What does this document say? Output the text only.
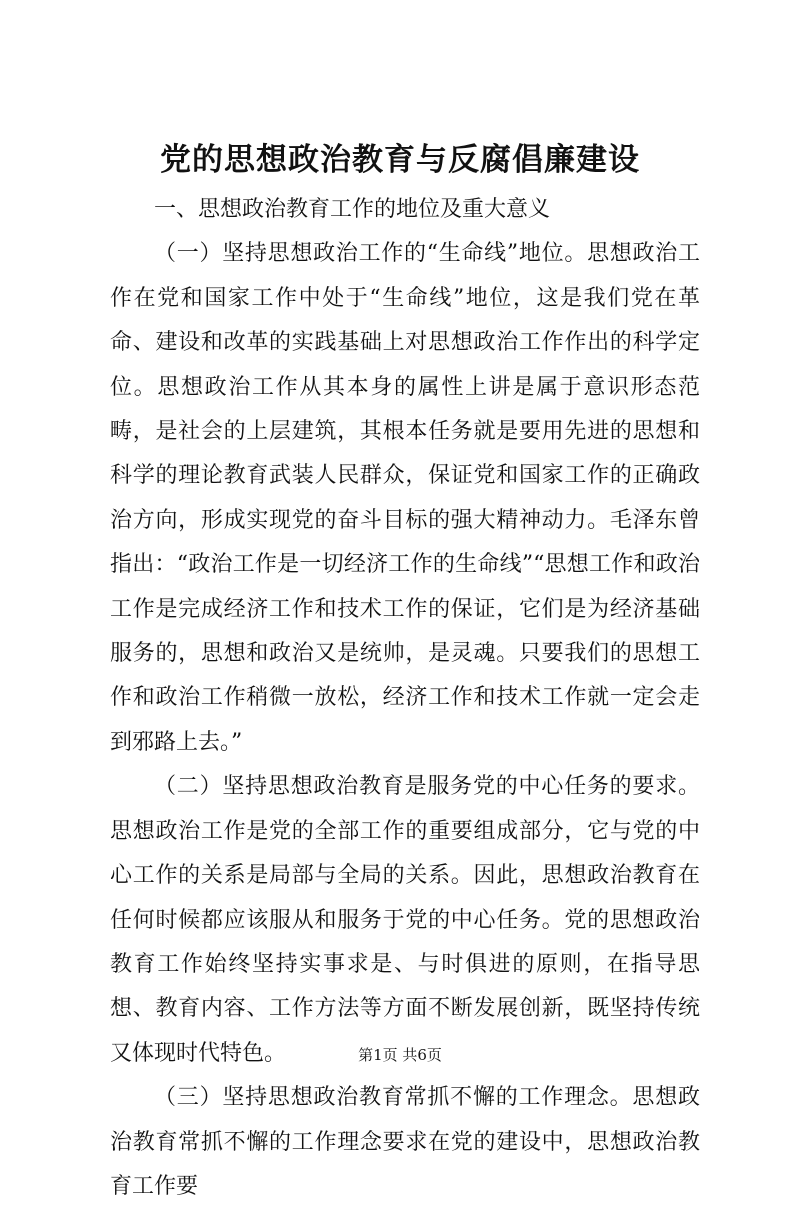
党的思想政治教育与反腐倡廉建设

一、思想政治教育工作的地位及重大意义

（一）坚持思想政治工作的“生命线”地位。思想政治工作在党和国家工作中处于“生命线”地位，这是我们党在革命、建设和改革的实践基础上对思想政治工作作出的科学定位。思想政治工作从其本身的属性上讲是属于意识形态范畴，是社会的上层建筑，其根本任务就是要用先进的思想和科学的理论教育武装人民群众，保证党和国家工作的正确政治方向，形成实现党的奋斗目标的强大精神动力。毛泽东曾指出：“政治工作是一切经济工作的生命线”“思想工作和政治工作是完成经济工作和技术工作的保证，它们是为经济基础服务的，思想和政治又是统帅，是灵魂。只要我们的思想工作和政治工作稍微一放松，经济工作和技术工作就一定会走到邪路上去。”

（二）坚持思想政治教育是服务党的中心任务的要求。思想政治工作是党的全部工作的重要组成部分，它与党的中心工作的关系是局部与全局的关系。因此，思想政治教育在任何时候都应该服从和服务于党的中心任务。党的思想政治教育工作始终坚持实事求是、与时俱进的原则，在指导思想、教育内容、工作方法等方面不断发展创新，既坚持传统又体现时代特色。

（三）坚持思想政治教育常抓不懈的工作理念。思想政治教育常抓不懈的工作理念要求在党的建设中，思想政治教育工作要

第1页 共6页
